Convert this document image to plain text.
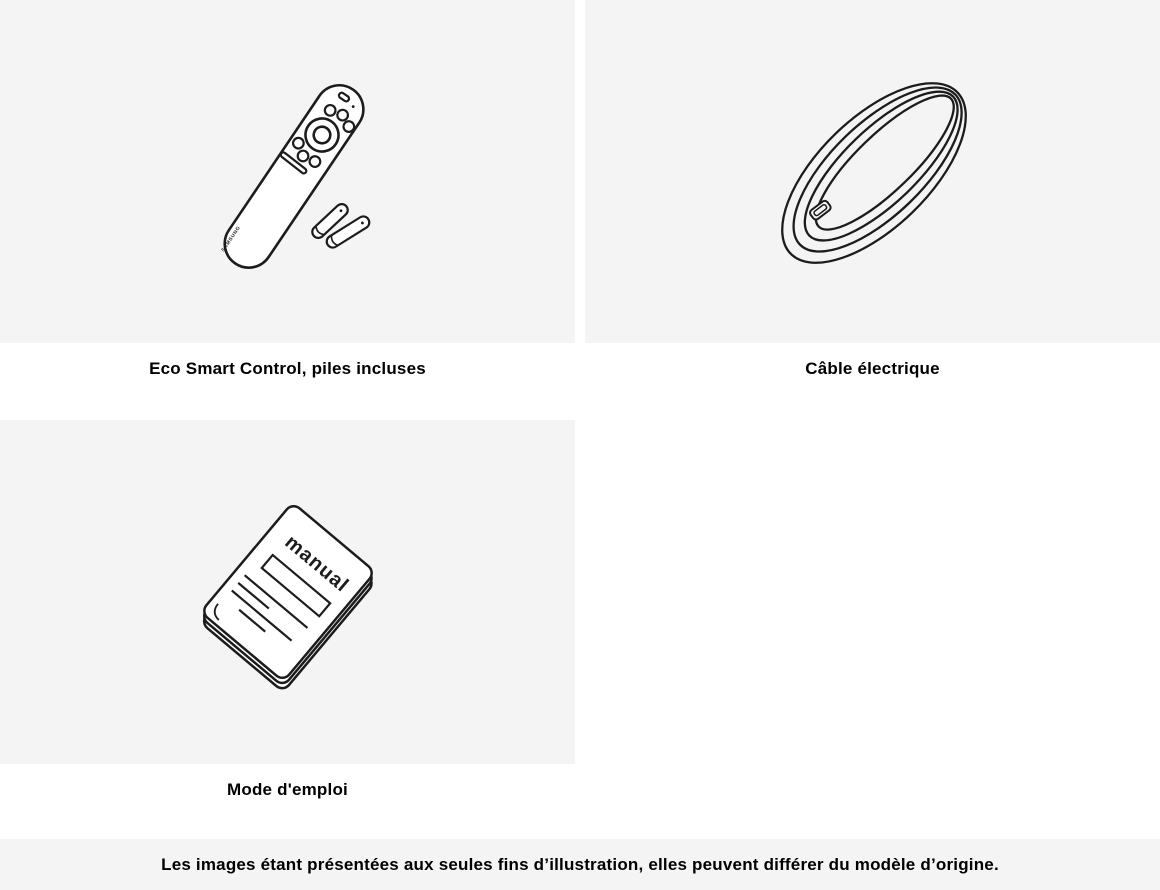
SAMSUNG
manual
Eco Smart Control, piles incluses	Câble électrique
Mode d'emploi
Les images étant présentées aux seules fins d’illustration, elles peuvent différer du modèle d’origine.
